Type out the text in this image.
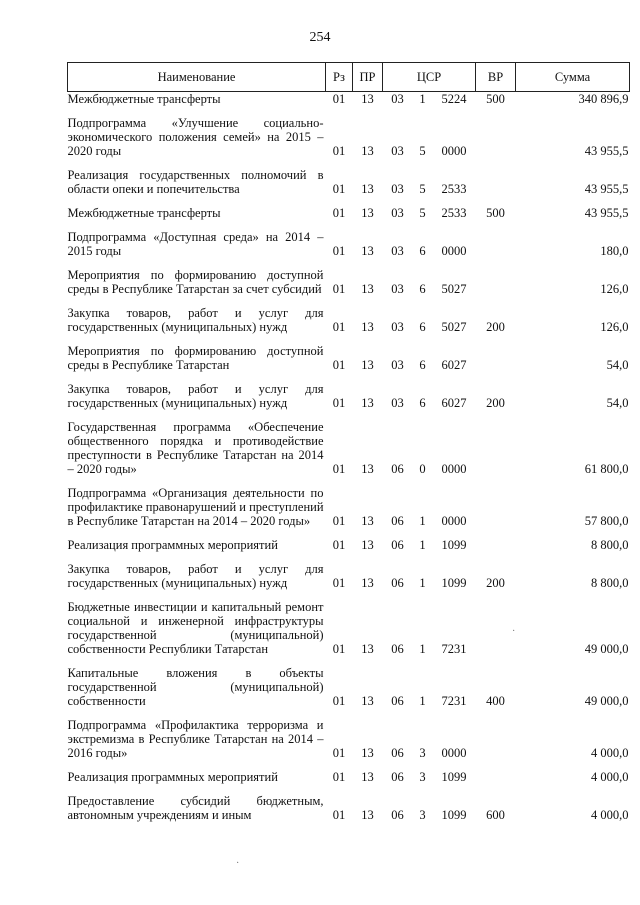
254
Наименование	Рз	ПР	ЦСР			ВР	Сумма
Межбюджетные трансферты	01	13	03	1	5224	500	340 896,9
Подпрограмма «Улучшение социально-экономического положения семей» на 2015 – 2020 годы	01	13	03	5	0000		43 955,5
Реализация государственных полномочий в области опеки и попечительства	01	13	03	5	2533		43 955,5
Межбюджетные трансферты	01	13	03	5	2533	500	43 955,5
Подпрограмма «Доступная среда» на 2014 – 2015 годы	01	13	03	6	0000		180,0
Мероприятия по формированию доступной среды в Республике Татарстан за счет субсидий	01	13	03	6	5027		126,0
Закупка товаров, работ и услуг для государственных (муниципальных) нужд	01	13	03	6	5027	200	126,0
Мероприятия по формированию доступной среды в Республике Татарстан	01	13	03	6	6027		54,0
Закупка товаров, работ и услуг для государственных (муниципальных) нужд	01	13	03	6	6027	200	54,0
Государственная программа «Обеспечение общественного порядка и противодействие преступности в Республике Татарстан на 2014 – 2020 годы»	01	13	06	0	0000		61 800,0
Подпрограмма «Организация деятельности по профилактике правонарушений и преступлений в Республике Татарстан на 2014 – 2020 годы»	01	13	06	1	0000		57 800,0
Реализация программных мероприятий	01	13	06	1	1099		8 800,0
Закупка товаров, работ и услуг для государственных (муниципальных) нужд	01	13	06	1	1099	200	8 800,0
Бюджетные инвестиции и капитальный ремонт социальной и инженерной инфраструктуры государственной (муниципальной) собственности Республики Татарстан	01	13	06	1	7231		49 000,0
Капитальные вложения в объекты государственной (муниципальной) собственности	01	13	06	1	7231	400	49 000,0
Подпрограмма «Профилактика терроризма и экстремизма в Республике Татарстан на 2014 – 2016 годы»	01	13	06	3	0000		4 000,0
Реализация программных мероприятий	01	13	06	3	1099		4 000,0
Предоставление субсидий бюджетным, автономным учреждениям и иным	01	13	06	3	1099	600	4 000,0
·
·
